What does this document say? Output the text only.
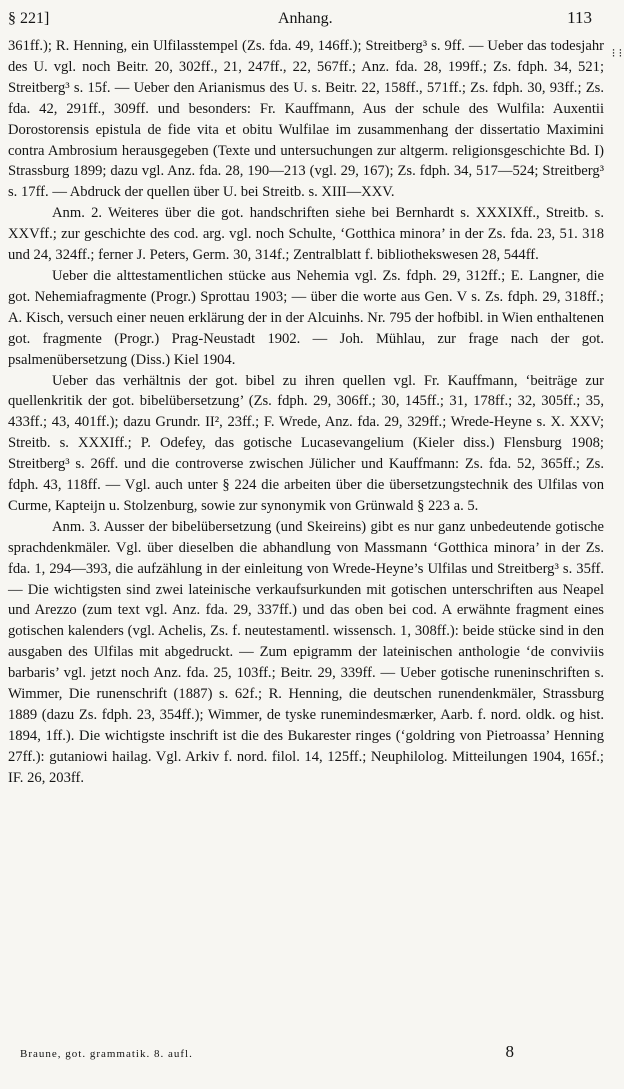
§ 221]	Anhang.	113
⁝ ⁝

361ff.); R. Henning, ein Ulfilasstempel (Zs. fda. 49, 146ff.); Streitberg³ s. 9ff. — Ueber das todesjahr des U. vgl. noch Beitr. 20, 302ff., 21, 247ff., 22, 567ff.; Anz. fda. 28, 199ff.; Zs. fdph. 34, 521; Streitberg³ s. 15f. — Ueber den Arianismus des U. s. Beitr. 22, 158ff., 571ff.; Zs. fdph. 30, 93ff.; Zs. fda. 42, 291ff., 309ff. und besonders: Fr. Kauffmann, Aus der schule des Wulfila: Auxentii Dorostorensis epistula de fide vita et obitu Wulfilae im zusammenhang der dissertatio Maximini contra Ambrosium herausgegeben (Texte und untersuchungen zur altgerm. religionsgeschichte Bd. I) Strassburg 1899; dazu vgl. Anz. fda. 28, 190—213 (vgl. 29, 167); Zs. fdph. 34, 517—524; Streitberg³ s. 17ff. — Abdruck der quellen über U. bei Streitb. s. XIII—XXV.

Anm. 2. Weiteres über die got. handschriften siehe bei Bernhardt s. XXXIXff., Streitb. s. XXVff.; zur geschichte des cod. arg. vgl. noch Schulte, ‘Gotthica minora’ in der Zs. fda. 23, 51. 318 und 24, 324ff.; ferner J. Peters, Germ. 30, 314f.; Zentralblatt f. bibliothekswesen 28, 544ff.

Ueber die alttestamentlichen stücke aus Nehemia vgl. Zs. fdph. 29, 312ff.; E. Langner, die got. Nehemiafragmente (Progr.) Sprottau 1903; — über die worte aus Gen. V s. Zs. fdph. 29, 318ff.; A. Kisch, versuch einer neuen erklärung der in der Alcuinhs. Nr. 795 der hofbibl. in Wien enthaltenen got. fragmente (Progr.) Prag-Neustadt 1902. — Joh. Mühlau, zur frage nach der got. psalmenübersetzung (Diss.) Kiel 1904.

Ueber das verhältnis der got. bibel zu ihren quellen vgl. Fr. Kauffmann, ‘beiträge zur quellenkritik der got. bibelübersetzung’ (Zs. fdph. 29, 306ff.; 30, 145ff.; 31, 178ff.; 32, 305ff.; 35, 433ff.; 43, 401ff.); dazu Grundr. II², 23ff.; F. Wrede, Anz. fda. 29, 329ff.; Wrede-Heyne s. X. XXV; Streitb. s. XXXIff.; P. Odefey, das gotische Lucasevangelium (Kieler diss.) Flensburg 1908; Streitberg³ s. 26ff. und die controverse zwischen Jülicher und Kauffmann: Zs. fda. 52, 365ff.; Zs. fdph. 43, 118ff. — Vgl. auch unter § 224 die arbeiten über die übersetzungstechnik des Ulfilas von Curme, Kapteijn u. Stolzenburg, sowie zur synonymik von Grünwald § 223 a. 5.

Anm. 3. Ausser der bibelübersetzung (und Skeireins) gibt es nur ganz unbedeutende gotische sprachdenkmäler. Vgl. über dieselben die abhandlung von Massmann ‘Gotthica minora’ in der Zs. fda. 1, 294—393, die aufzählung in der einleitung von Wrede-Heyne’s Ulfilas und Streitberg³ s. 35ff. — Die wichtigsten sind zwei lateinische verkaufsurkunden mit gotischen unterschriften aus Neapel und Arezzo (zum text vgl. Anz. fda. 29, 337ff.) und das oben bei cod. A erwähnte fragment eines gotischen kalenders (vgl. Achelis, Zs. f. neutestamentl. wissensch. 1, 308ff.): beide stücke sind in den ausgaben des Ulfilas mit abgedruckt. — Zum epigramm der lateinischen anthologie ‘de conviviis barbaris’ vgl. jetzt noch Anz. fda. 25, 103ff.; Beitr. 29, 339ff. — Ueber gotische runeninschriften s. Wimmer, Die runenschrift (1887) s. 62f.; R. Henning, die deutschen runendenkmäler, Strassburg 1889 (dazu Zs. fdph. 23, 354ff.); Wimmer, de tyske runemindesmærker, Aarb. f. nord. oldk. og hist. 1894, 1ff.). Die wichtigste inschrift ist die des Bukarester ringes (‘goldring von Pietroassa’ Henning 27ff.): gutaniowi hailag. Vgl. Arkiv f. nord. filol. 14, 125ff.; Neuphilolog. Mitteilungen 1904, 165f.; IF. 26, 203ff.

Braune, got. grammatik. 8. aufl.	8
